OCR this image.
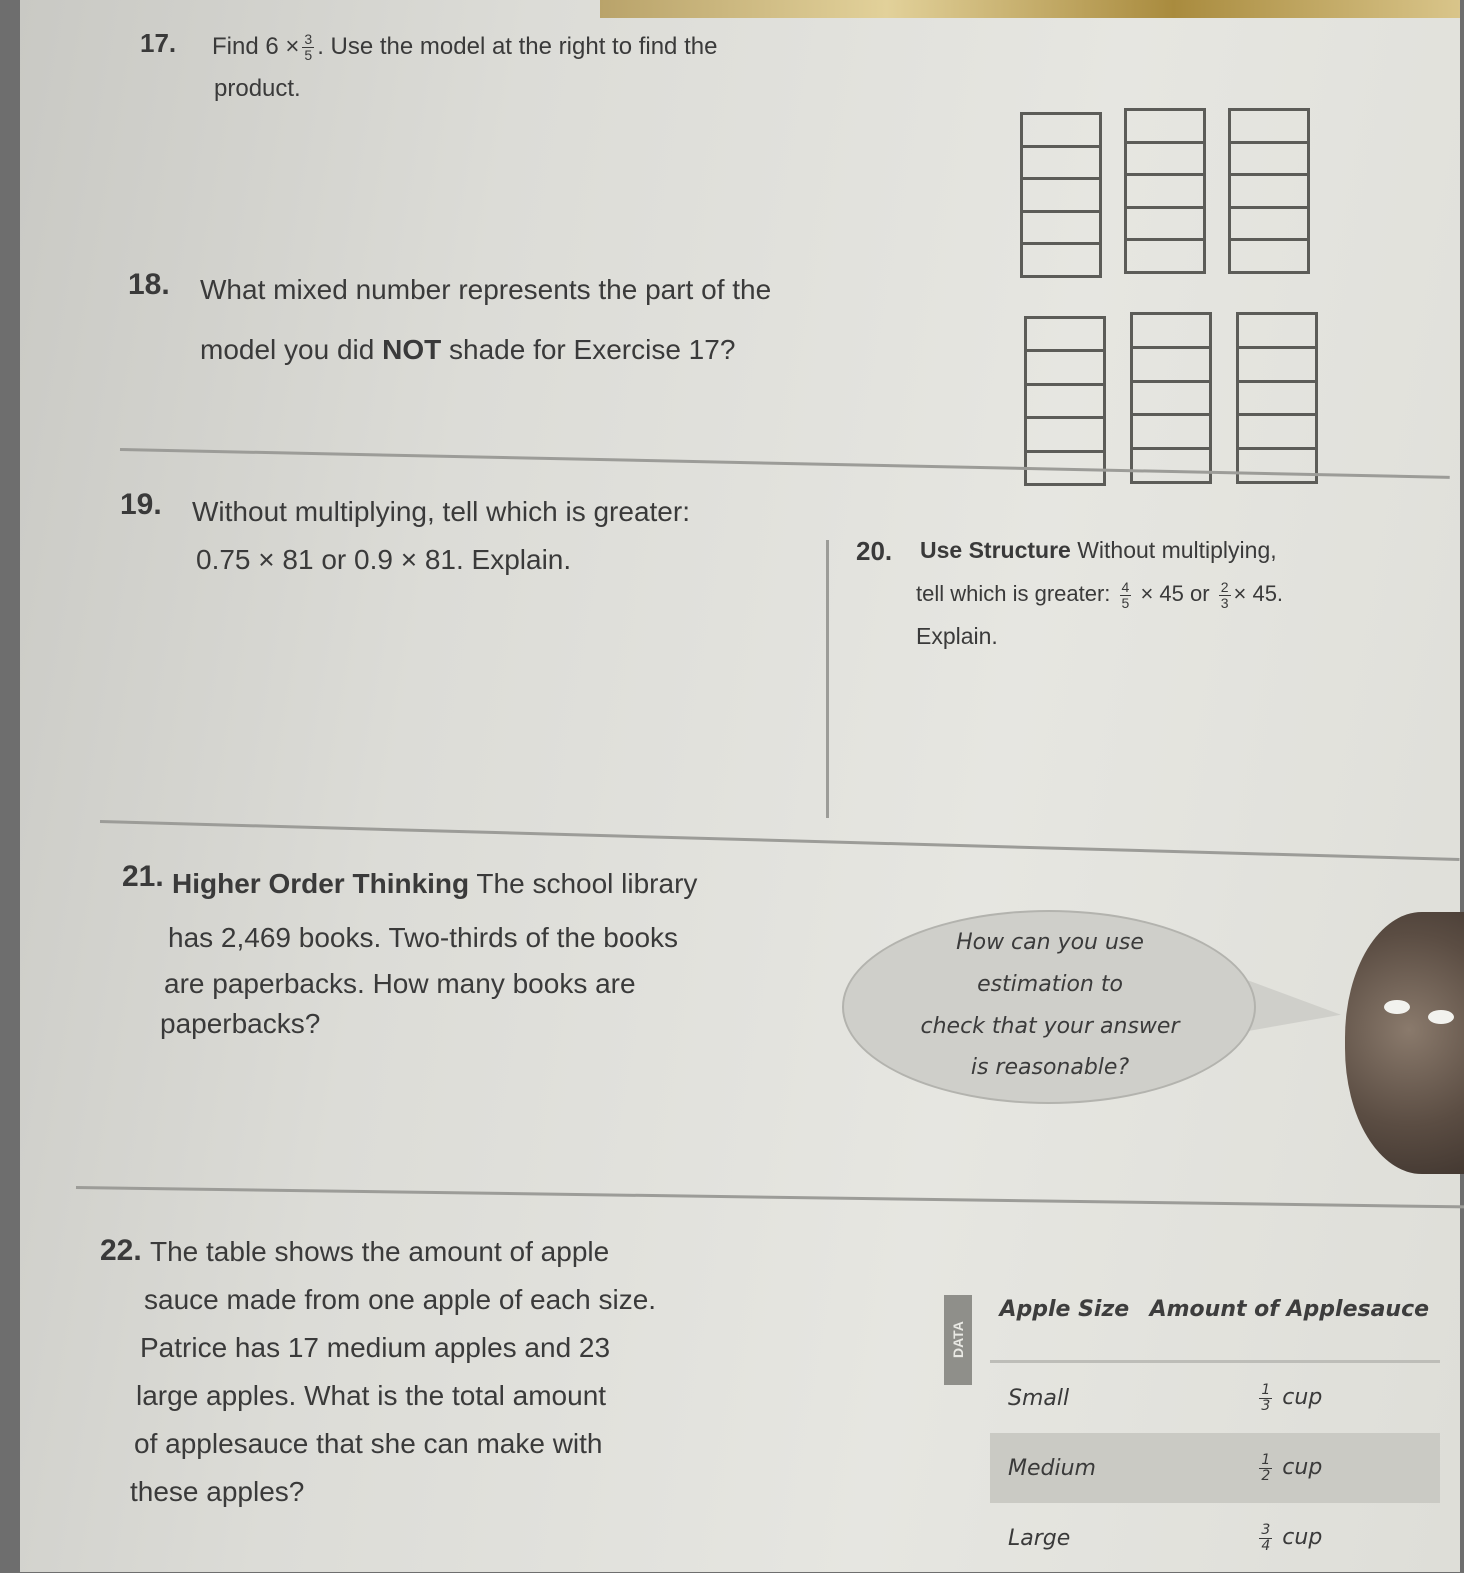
17. Find $6 \times \frac{3}{5}$ . Use the model at the right to find the
product.
18. What mixed number represents the part of the
model you did NOT shade for Exercise 17?
19. Without multiplying, tell which is greater:
0.75 × 81 or 0.9 × 81. Explain.	20. Use Structure Without multiplying,
tell which is greater: $\frac{4}{5} \times 45$ or $\frac{2}{3} \times 45$.
Explain.
21. Higher Order Thinking The school library
has 2,469 books. Two-thirds of the books
are paperbacks. How many books are
paperbacks?
How can you use
estimation to
check that your answer
is reasonable?
22. The table shows the amount of apple
sauce made from one apple of each size.
Patrice has 17 medium apples and 23
large apples. What is the total amount
of applesauce that she can make with
these apples?
DATA
Apple Size	Amount of Applesauce
Small	$\frac{1}{3}$ cup
Medium	$\frac{1}{2}$ cup
Large	$\frac{3}{4}$ cup
